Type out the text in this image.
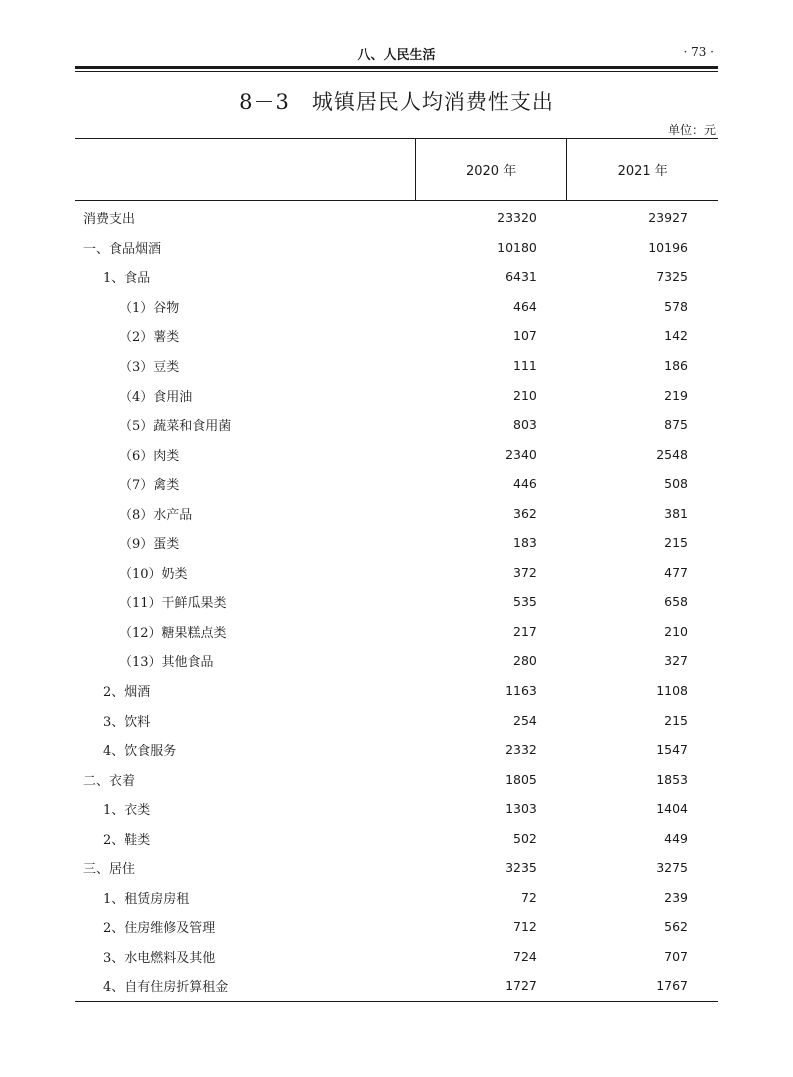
八、人民生活	· 73 ·
8－3 城镇居民人均消费性支出
单位：元
	2020 年	2021 年
消费支出	23320	23927
一、食品烟酒	10180	10196
1、食品	6431	7325
（1）谷物	464	578
（2）薯类	107	142
（3）豆类	111	186
（4）食用油	210	219
（5）蔬菜和食用菌	803	875
（6）肉类	2340	2548
（7）禽类	446	508
（8）水产品	362	381
（9）蛋类	183	215
（10）奶类	372	477
（11）干鲜瓜果类	535	658
（12）糖果糕点类	217	210
（13）其他食品	280	327
2、烟酒	1163	1108
3、饮料	254	215
4、饮食服务	2332	1547
二、衣着	1805	1853
1、衣类	1303	1404
2、鞋类	502	449
三、居住	3235	3275
1、租赁房房租	72	239
2、住房维修及管理	712	562
3、水电燃料及其他	724	707
4、自有住房折算租金	1727	1767
